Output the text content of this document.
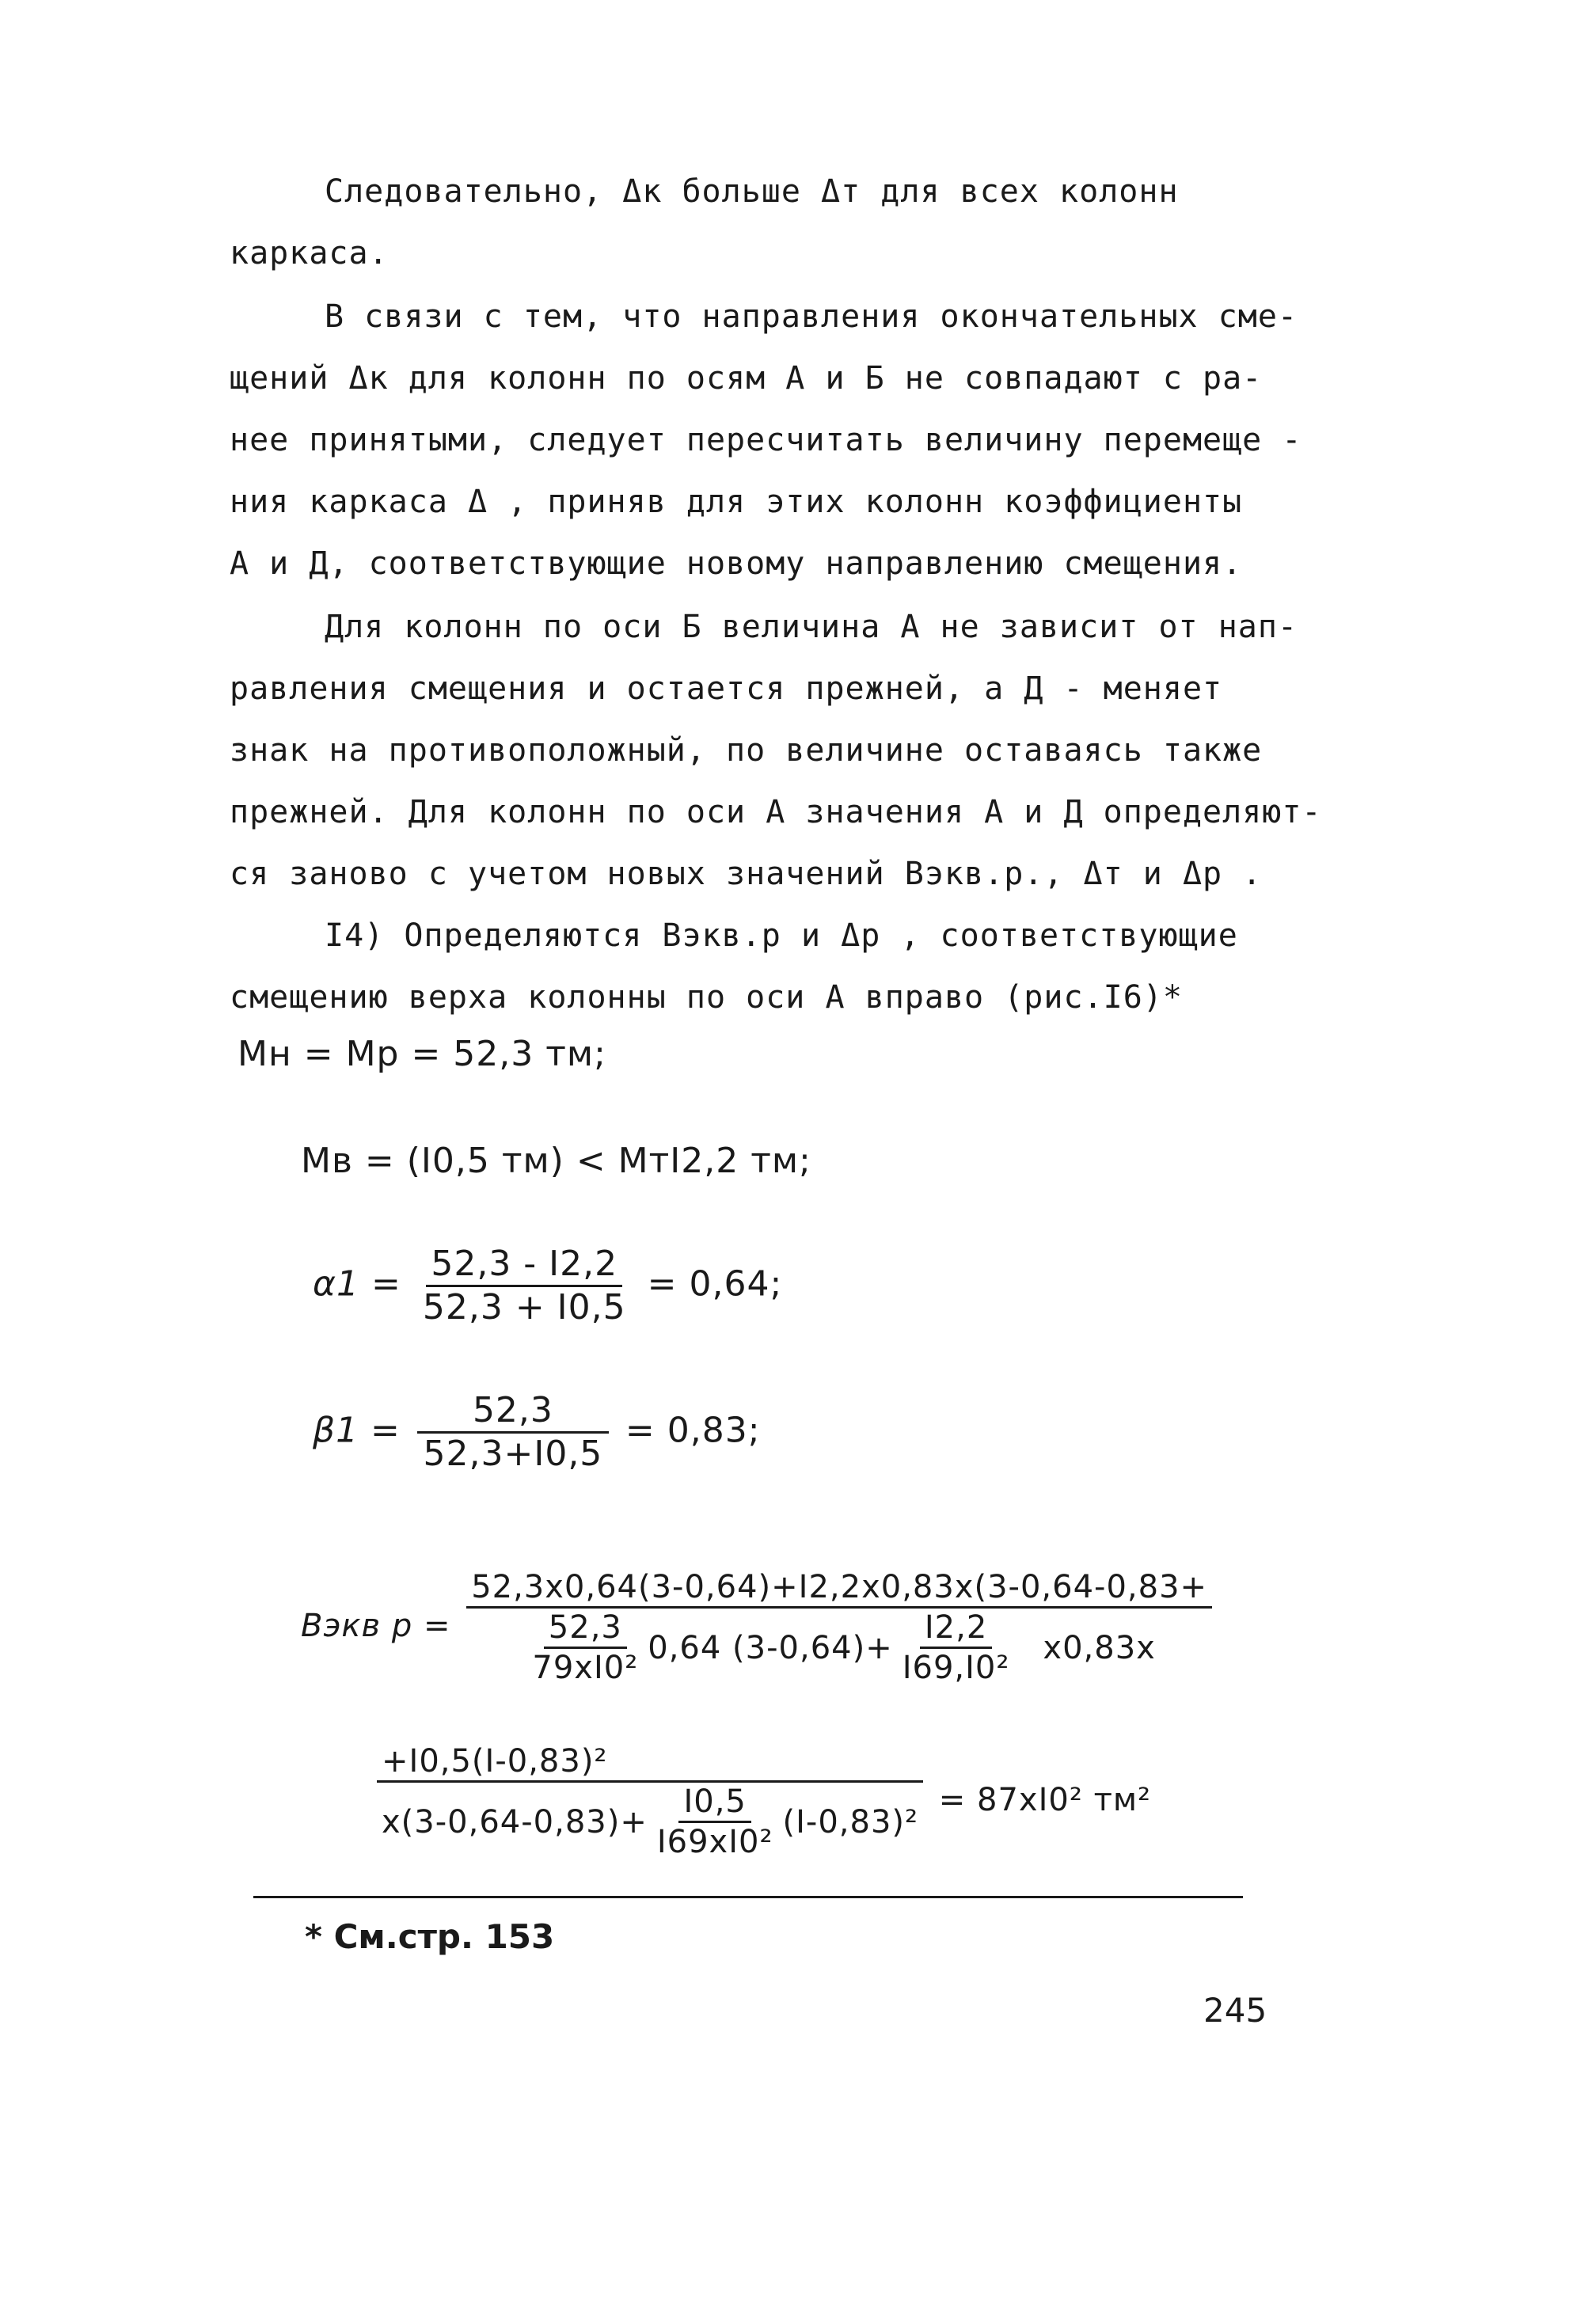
Следовательно, Δк больше Δт для всех колонн
каркаса.
В связи с тем, что направления окончательных сме-
щений Δк для колонн по осям А и Б не совпадают с ра-
нее принятыми, следует пересчитать величину перемеще -
ния каркаса Δ , приняв для этих колонн коэффициенты
А и Д, соответствующие новому направлению смещения.
Для колонн по оси Б величина А не зависит от нап-
равления смещения и остается прежней, а Д - меняет
знак на противоположный, по величине оставаясь также
прежней. Для колонн по оси А значения А и Д определяют-
ся заново с учетом новых значений Bэкв.р., Δт и Δр .
I4) Определяются Bэкв.р и Δр , соответствующие
смещению верха колонны по оси А вправо (рис.I6)*
Mн = Mр = 52,3 тм;
Mв = (I0,5 тм) < MтI2,2 тм;
$\alpha 1 = \frac{52,3 - I2,2}{52,3 + I0,5} = 0,64$;
$\beta 1 = \frac{52,3}{52,3+I0,5} = 0,83$;
Bэкв р =
52,3x0,64(3-0,64)+I2,2x0,83x(3-0,64-0,83+
$\frac{52,3}{\text{79xI0²}} 0,64$ $(3-0,64)+ \frac{I2,2}{\text{I69,I0²}} x0,83x$
+I0,5(I-0,83)²
$x(3-0,64-0,83)+ \frac{I0,5}{\text{I69xI0²}} (I-0,83)^2$
= 87xI0² тм²
* См.стр. 153
245
